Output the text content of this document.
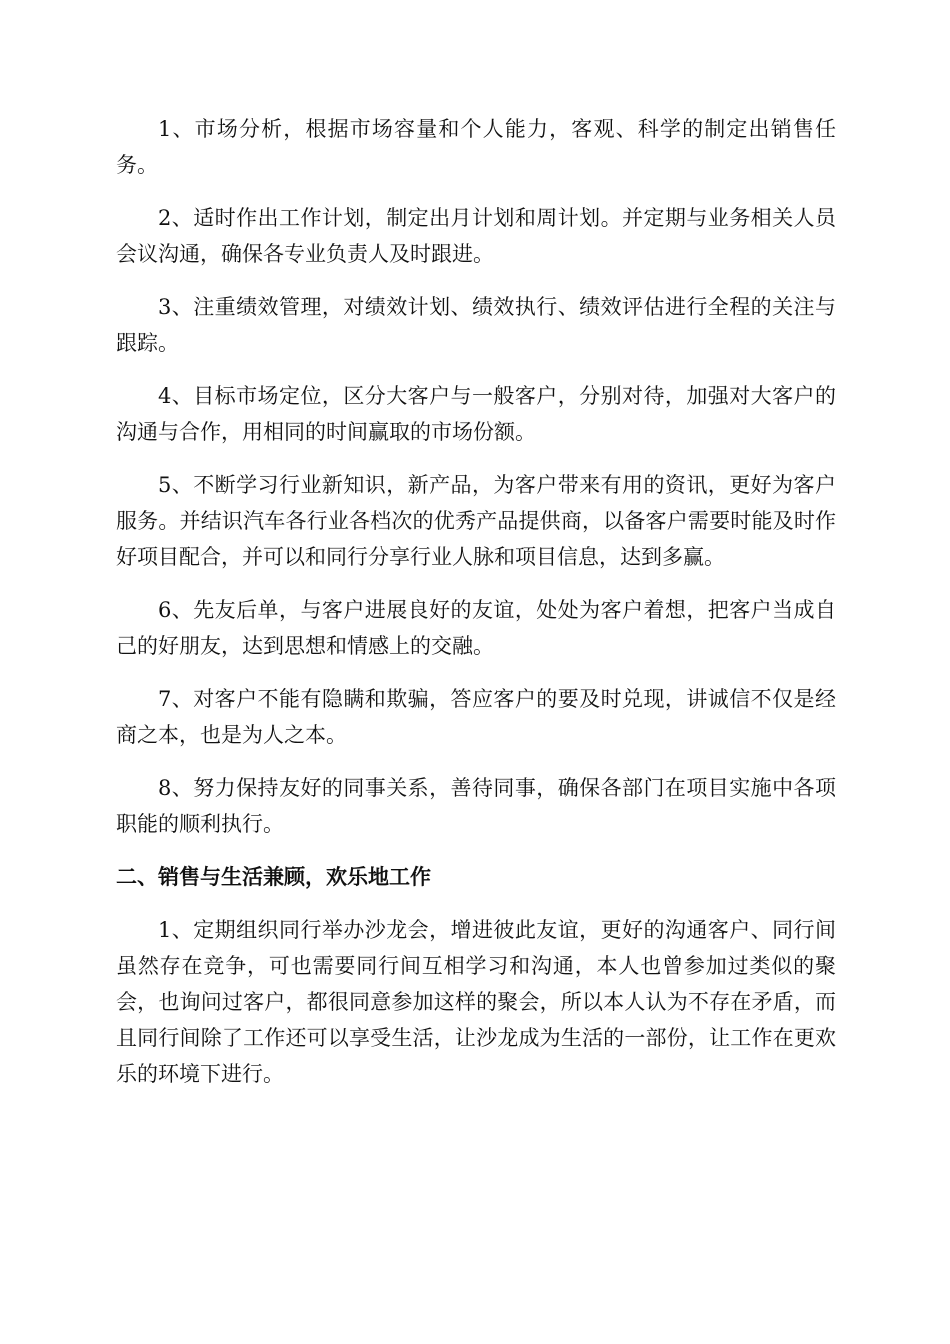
1、市场分析，根据市场容量和个人能力，客观、科学的制定出销售任务。

2、适时作出工作计划，制定出月计划和周计划。并定期与业务相关人员会议沟通，确保各专业负责人及时跟进。

3、注重绩效管理，对绩效计划、绩效执行、绩效评估进行全程的关注与跟踪。

4、目标市场定位，区分大客户与一般客户，分别对待，加强对大客户的沟通与合作，用相同的时间赢取的市场份额。

5、不断学习行业新知识，新产品，为客户带来有用的资讯，更好为客户服务。并结识汽车各行业各档次的优秀产品提供商，以备客户需要时能及时作好项目配合，并可以和同行分享行业人脉和项目信息，达到多赢。

6、先友后单，与客户进展良好的友谊，处处为客户着想，把客户当成自己的好朋友，达到思想和情感上的交融。

7、对客户不能有隐瞒和欺骗，答应客户的要及时兑现，讲诚信不仅是经商之本，也是为人之本。

8、努力保持友好的同事关系，善待同事，确保各部门在项目实施中各项职能的顺利执行。

二、销售与生活兼顾，欢乐地工作

1、定期组织同行举办沙龙会，增进彼此友谊，更好的沟通客户、同行间虽然存在竞争，可也需要同行间互相学习和沟通，本人也曾参加过类似的聚会，也询问过客户，都很同意参加这样的聚会，所以本人认为不存在矛盾，而且同行间除了工作还可以享受生活，让沙龙成为生活的一部份，让工作在更欢乐的环境下进行。
